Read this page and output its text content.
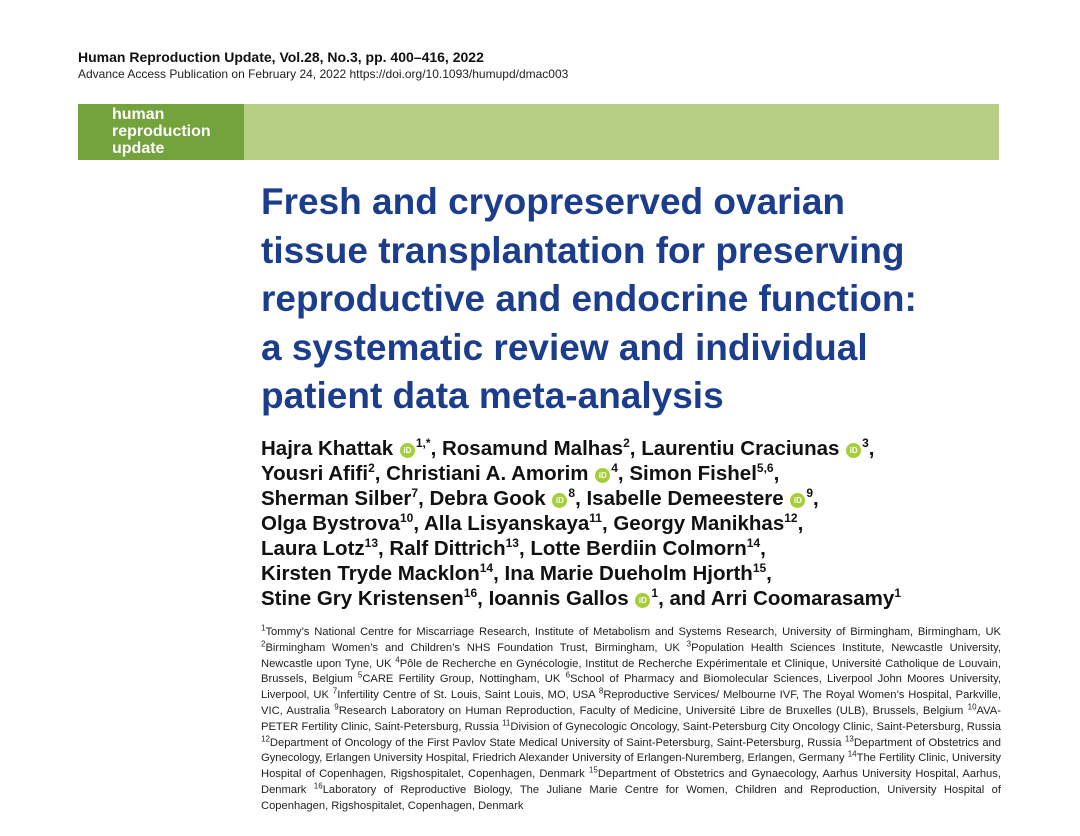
Human Reproduction Update, Vol.28, No.3, pp. 400–416, 2022
Advance Access Publication on February 24, 2022 https://doi.org/10.1093/humupd/dmac003
human
reproduction
update
Fresh and cryopreserved ovarian
tissue transplantation for preserving
reproductive and endocrine function:
a systematic review and individual
patient data meta-analysis

Hajra Khattak $iD^{1,*}$, Rosamund Malhas$^2$, Laurentiu Craciunas $iD^3$,
Yousri Afifi$^2$, Christiani A. Amorim $iD^4$, Simon Fishel$^{5,6}$,
Sherman Silber$^7$, Debra Gook $iD^8$, Isabelle Demeestere $iD^9$,
Olga Bystrova$^{10}$, Alla Lisyanskaya$^{11}$, Georgy Manikhas$^{12}$,
Laura Lotz$^{13}$, Ralf Dittrich$^{13}$, Lotte Berdiin Colmorn$^{14}$,
Kirsten Tryde Macklon$^{14}$, Ina Marie Dueholm Hjorth$^{15}$,
Stine Gry Kristensen$^{16}$, Ioannis Gallos $iD^1$, and Arri Coomarasamy$^1$

$^1$Tommy’s National Centre for Miscarriage Research, Institute of Metabolism and Systems Research, University of Birmingham, Birmingham, UK $^2$Birmingham Women’s and Children’s NHS Foundation Trust, Birmingham, UK $^3$Population Health Sciences Institute, Newcastle University, Newcastle upon Tyne, UK $^4$Pôle de Recherche en Gynécologie, Institut de Recherche Expérimentale et Clinique, Université Catholique de Louvain, Brussels, Belgium $^5$CARE Fertility Group, Nottingham, UK $^6$School of Pharmacy and Biomolecular Sciences, Liverpool John Moores University, Liverpool, UK $^7$Infertility Centre of St. Louis, Saint Louis, MO, USA $^8$Reproductive Services/ Melbourne IVF, The Royal Women’s Hospital, Parkville, VIC, Australia $^9$Research Laboratory on Human Reproduction, Faculty of Medicine, Université Libre de Bruxelles (ULB), Brussels, Belgium $^{10}$AVA-PETER Fertility Clinic, Saint-Petersburg, Russia $^{11}$Division of Gynecologic Oncology, Saint-Petersburg City Oncology Clinic, Saint-Petersburg, Russia $^{12}$Department of Oncology of the First Pavlov State Medical University of Saint-Petersburg, Saint-Petersburg, Russia $^{13}$Department of Obstetrics and Gynecology, Erlangen University Hospital, Friedrich Alexander University of Erlangen-Nuremberg, Erlangen, Germany $^{14}$The Fertility Clinic, University Hospital of Copenhagen, Rigshospitalet, Copenhagen, Denmark $^{15}$Department of Obstetrics and Gynaecology, Aarhus University Hospital, Aarhus, Denmark $^{16}$Laboratory of Reproductive Biology, The Juliane Marie Centre for Women, Children and Reproduction, University Hospital of Copenhagen, Rigshospitalet, Copenhagen, Denmark
